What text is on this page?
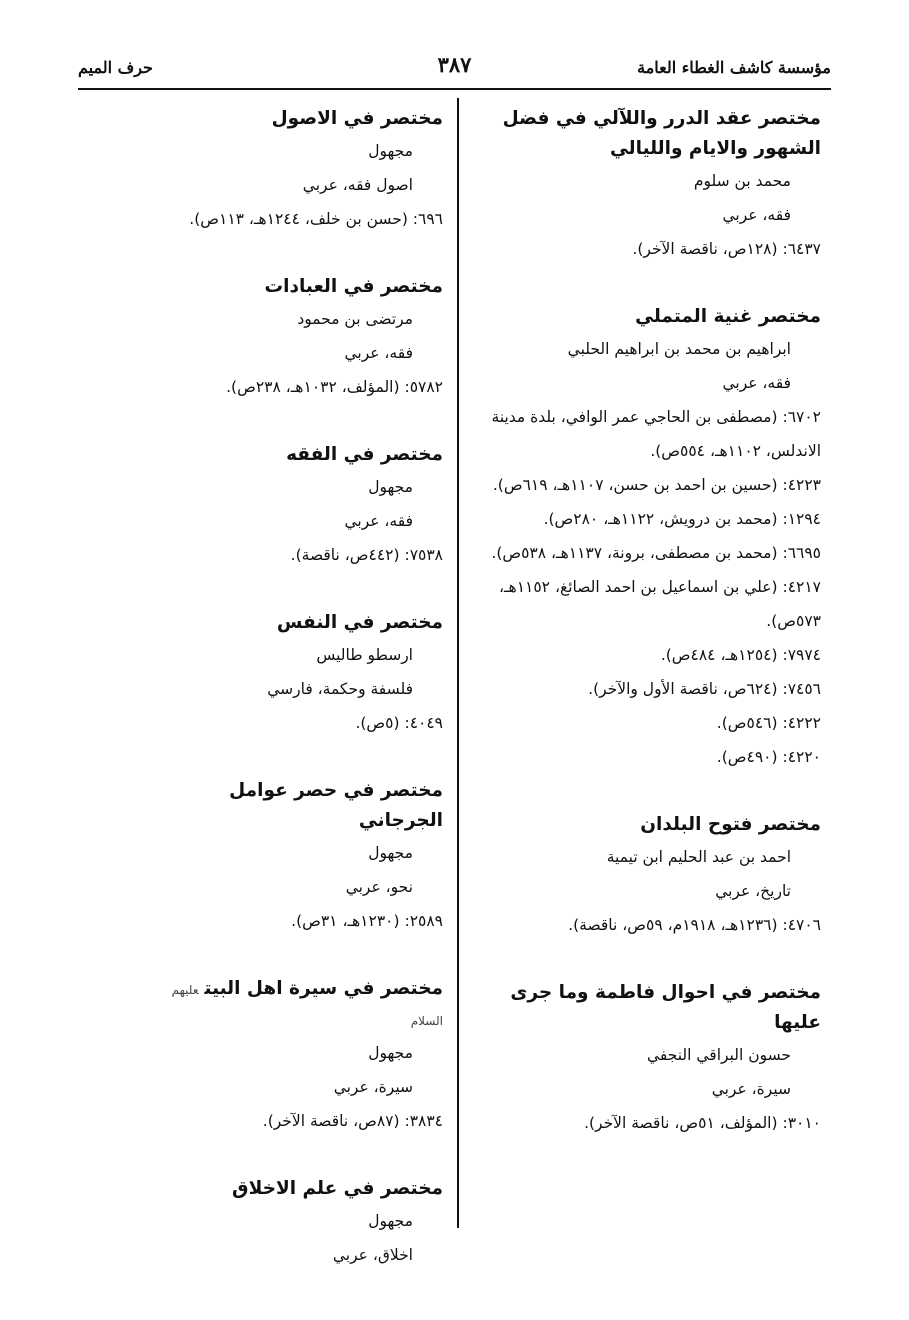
مؤسسة كاشف الغطاء العامة
٣٨٧
حرف الميم
مختصر عقد الدرر واللآلي في فضل الشهور والايام والليالي
محمد بن سلوم
فقه، عربي
٦٤٣٧: (١٢٨ص، ناقصة الآخر).
مختصر غنية المتملي
ابراهيم بن محمد بن ابراهيم الحلبي
فقه، عربي
٦٧٠٢: (مصطفى بن الحاجي عمر الوافي، بلدة مدينة الاندلس، ١١٠٢هـ، ٥٥٤ص).
٤٢٢٣: (حسين بن احمد بن حسن، ١١٠٧هـ، ٦١٩ص).
١٢٩٤: (محمد بن درويش، ١١٢٢هـ، ٢٨٠ص).
٦٦٩٥: (محمد بن مصطفى، برونة، ١١٣٧هـ، ٥٣٨ص).
٤٢١٧: (علي بن اسماعيل بن احمد الصائغ، ١١٥٢هـ، ٥٧٣ص).
٧٩٧٤: (١٢٥٤هـ، ٤٨٤ص).
٧٤٥٦: (٦٢٤ص، ناقصة الأول والآخر).
٤٢٢٢: (٥٤٦ص).
٤٢٢٠: (٤٩٠ص).
مختصر فتوح البلدان
احمد بن عبد الحليم ابن تيمية
تاريخ، عربي
٤٧٠٦: (١٢٣٦هـ، ١٩١٨م، ٥٩ص، ناقصة).
مختصر في احوال فاطمة وما جرى عليها
حسون البراقي النجفي
سيرة، عربي
٣٠١٠: (المؤلف، ٥١ص، ناقصة الآخر).
مختصر في الاصول
مجهول
اصول فقه، عربي
٦٩٦: (حسن بن خلف، ١٢٤٤هـ، ١١٣ص).
مختصر في العبادات
مرتضى بن محمود
فقه، عربي
٥٧٨٢: (المؤلف، ١٠٣٢هـ، ٢٣٨ص).
مختصر في الفقه
مجهول
فقه، عربي
٧٥٣٨: (٤٤٢ص، ناقصة).
مختصر في النفس
ارسطو طاليس
فلسفة وحكمة، فارسي
٤٠٤٩: (٥ص).
مختصر في حصر عوامل الجرجاني
مجهول
نحو، عربي
٢٥٨٩: (١٢٣٠هـ، ٣١ص).
مختصر في سيرة اهل البيتعليهم السلام
مجهول
سيرة، عربي
٣٨٣٤: (٨٧ص، ناقصة الآخر).
مختصر في علم الاخلاق
مجهول
اخلاق، عربي
